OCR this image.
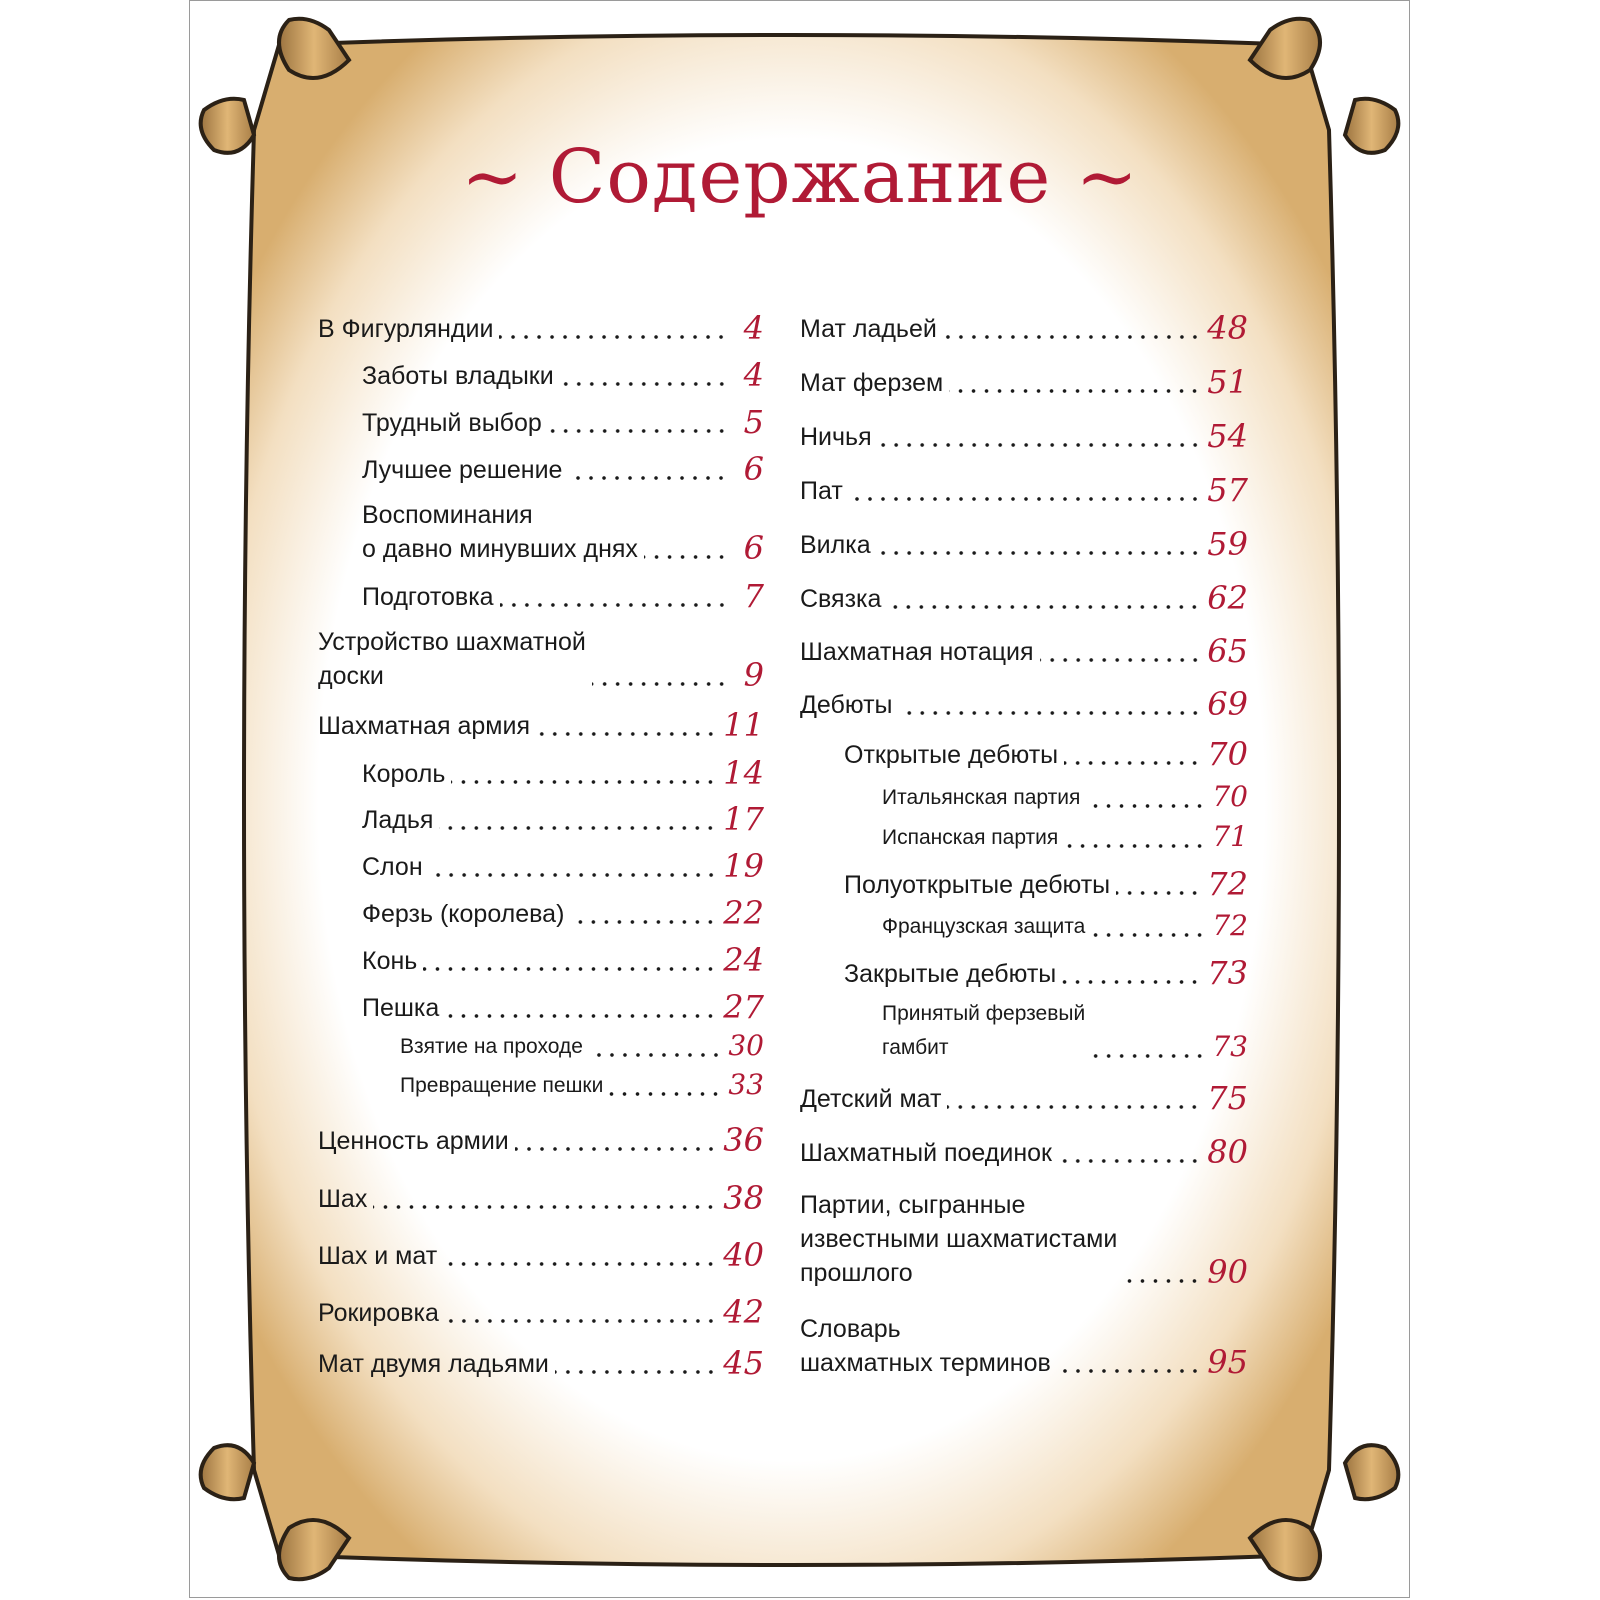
~ Содержание ~
В Фигурляндии	4
Заботы владыки	4
Трудный выбор	5
Лучшее решение	6
Воспоминания
о давно минувших днях	6
Подготовка	7
Устройство шахматной
доски	9
Шахматная армия	11
Король	14
Ладья	17
Слон	19
Ферзь (королева)	22
Конь	24
Пешка	27
Взятие на проходе	30
Превращение пешки	33
Ценность армии	36
Шах	38
Шах и мат	40
Рокировка	42
Мат двумя ладьями	45
Мат ладьей	48
Мат ферзем	51
Ничья	54
Пат	57
Вилка	59
Связка	62
Шахматная нотация	65
Дебюты	69
Открытые дебюты	70
Итальянская партия	70
Испанская партия	71
Полуоткрытые дебюты	72
Французская защита	72
Закрытые дебюты	73
Принятый ферзевый
гамбит	73
Детский мат	75
Шахматный поединок	80
Партии, сыгранные
известными шахматистами
прошлого	90
Словарь
шахматных терминов	95
